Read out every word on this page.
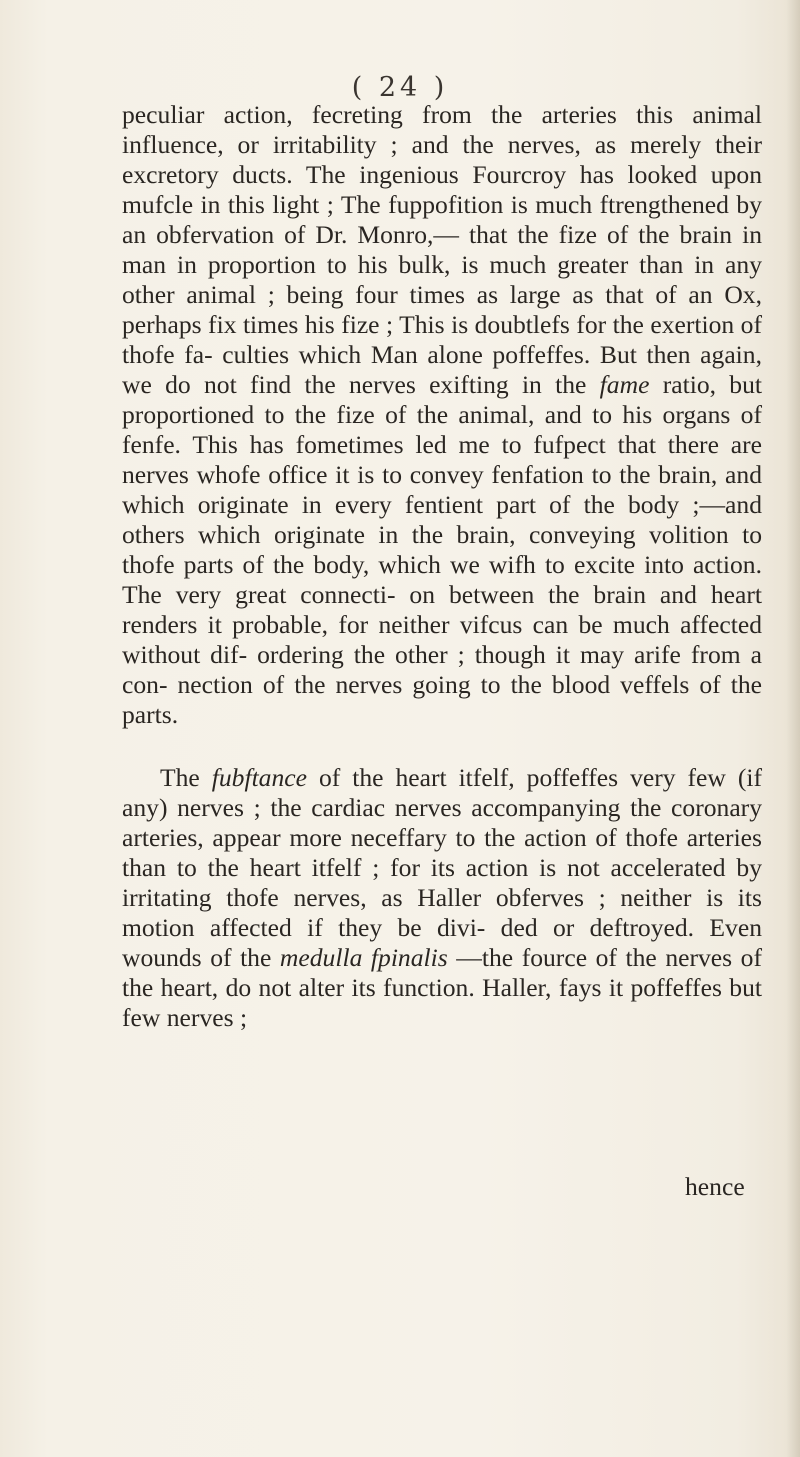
( 24 )

peculiar action, fecreting from the arteries this animal influence, or irritability ; and the nerves, as merely their excretory ducts. The ingenious Fourcroy has looked upon mufcle in this light ; The fuppofition is much ftrengthened by an obfervation of Dr. Monro,— that the fize of the brain in man in proportion to his bulk, is much greater than in any other animal ; being four times as large as that of an Ox, perhaps fix times his fize ; This is doubtlefs for the exertion of thofe fa- culties which Man alone poffeffes. But then again, we do not find the nerves exifting in the fame ratio, but proportioned to the fize of the animal, and to his organs of fenfe. This has fometimes led me to fufpect that there are nerves whofe office it is to convey fenfation to the brain, and which originate in every fentient part of the body ;—and others which originate in the brain, conveying volition to thofe parts of the body, which we wifh to excite into action. The very great connecti- on between the brain and heart renders it probable, for neither vifcus can be much affected without dif- ordering the other ; though it may arife from a con- nection of the nerves going to the blood veffels of the parts.

The fubftance of the heart itfelf, poffeffes very few (if any) nerves ; the cardiac nerves accompanying the coronary arteries, appear more neceffary to the action of thofe arteries than to the heart itfelf ; for its action is not accelerated by irritating thofe nerves, as Haller obferves ; neither is its motion affected if they be divi- ded or deftroyed. Even wounds of the medulla fpinalis —the fource of the nerves of the heart, do not alter its function. Haller, fays it poffeffes but few nerves ;

hence
